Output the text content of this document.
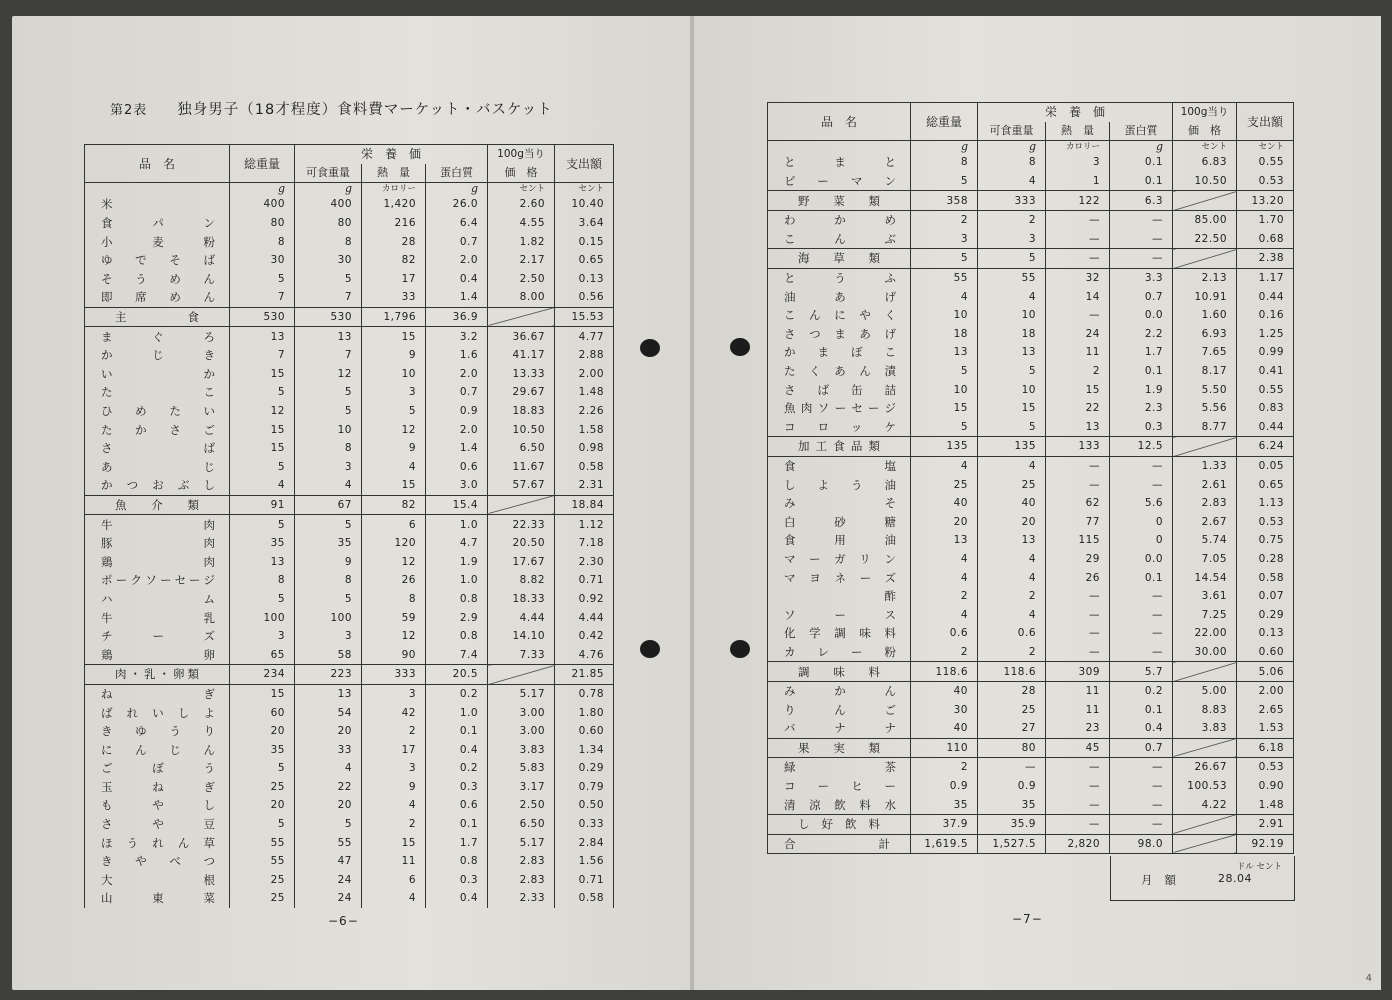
第2表 独身男子（18才程度）食料費マーケット・バスケット
品　名	総重量	栄　養　価			100g当り	支出額
		可食重量	熱　量	蛋白質	価　格	
	g	g	カロリー	g	セント	セント
米	400	400	1,420	26.0	2.60	10.40
食パン	80	80	216	6.4	4.55	3.64
小麦粉	8	8	28	0.7	1.82	0.15
ゆでそば	30	30	82	2.0	2.17	0.65
そうめん	5	5	17	0.4	2.50	0.13
即席めん	7	7	33	1.4	8.00	0.56
主食	530	530	1,796	36.9		15.53
まぐろ	13	13	15	3.2	36.67	4.77
かじき	7	7	9	1.6	41.17	2.88
いか	15	12	10	2.0	13.33	2.00
たこ	5	5	3	0.7	29.67	1.48
ひめたい	12	5	5	0.9	18.83	2.26
たかさご	15	10	12	2.0	10.50	1.58
さば	15	8	9	1.4	6.50	0.98
あじ	5	3	4	0.6	11.67	0.58
かつおぶし	4	4	15	3.0	57.67	2.31
魚介類	91	67	82	15.4		18.84
牛肉	5	5	6	1.0	22.33	1.12
豚肉	35	35	120	4.7	20.50	7.18
鶏肉	13	9	12	1.9	17.67	2.30
ポークソーセージ	8	8	26	1.0	8.82	0.71
ハム	5	5	8	0.8	18.33	0.92
牛乳	100	100	59	2.9	4.44	4.44
チーズ	3	3	12	0.8	14.10	0.42
鶏卵	65	58	90	7.4	7.33	4.76
肉・乳・卵類	234	223	333	20.5		21.85
ねぎ	15	13	3	0.2	5.17	0.78
ばれいしよ	60	54	42	1.0	3.00	1.80
きゆうり	20	20	2	0.1	3.00	0.60
にんじん	35	33	17	0.4	3.83	1.34
ごぼう	5	4	3	0.2	5.83	0.29
玉ねぎ	25	22	9	0.3	3.17	0.79
もやし	20	20	4	0.6	2.50	0.50
さや豆	5	5	2	0.1	6.50	0.33
ほうれん草	55	55	15	1.7	5.17	2.84
きやべつ	55	47	11	0.8	2.83	1.56
大根	25	24	6	0.3	2.83	0.71
山東菜	25	24	4	0.4	2.33	0.58
品　名	総重量	栄　養　価			100g当り	支出額
		可食重量	熱　量	蛋白質	価　格	
	g	g	カロリー	g	セント	セント
とまと	8	8	3	0.1	6.83	0.55
ピーマン	5	4	1	0.1	10.50	0.53
野菜類	358	333	122	6.3		13.20
わかめ	2	2	—	—	85.00	1.70
こんぶ	3	3	—	—	22.50	0.68
海草類	5	5	—	—		2.38
とうふ	55	55	32	3.3	2.13	1.17
油あげ	4	4	14	0.7	10.91	0.44
こんにやく	10	10	—	0.0	1.60	0.16
さつまあげ	18	18	24	2.2	6.93	1.25
かまぼこ	13	13	11	1.7	7.65	0.99
たくあん漬	5	5	2	0.1	8.17	0.41
さば缶詰	10	10	15	1.9	5.50	0.55
魚肉ソーセージ	15	15	22	2.3	5.56	0.83
コロッケ	5	5	13	0.3	8.77	0.44
加工食品類	135	135	133	12.5		6.24
食塩	4	4	—	—	1.33	0.05
しよう油	25	25	—	—	2.61	0.65
みそ	40	40	62	5.6	2.83	1.13
白砂糖	20	20	77	0	2.67	0.53
食用油	13	13	115	0	5.74	0.75
マーガリン	4	4	29	0.0	7.05	0.28
マヨネーズ	4	4	26	0.1	14.54	0.58
酢	2	2	—	—	3.61	0.07
ソース	4	4	—	—	7.25	0.29
化学調味料	0.6	0.6	—	—	22.00	0.13
カレー粉	2	2	—	—	30.00	0.60
調味料	118.6	118.6	309	5.7		5.06
みかん	40	28	11	0.2	5.00	2.00
りんご	30	25	11	0.1	8.83	2.65
バナナ	40	27	23	0.4	3.83	1.53
果実類	110	80	45	0.7		6.18
緑茶	2	—	—	—	26.67	0.53
コーヒー	0.9	0.9	—	—	100.53	0.90
清涼飲料水	35	35	—	—	4.22	1.48
し好飲料	37.9	35.9	—	—		2.91
合計	1,619.5	1,527.5	2,820	98.0		92.19
ドル セント
月額	28.04
−6−	−7−
4
